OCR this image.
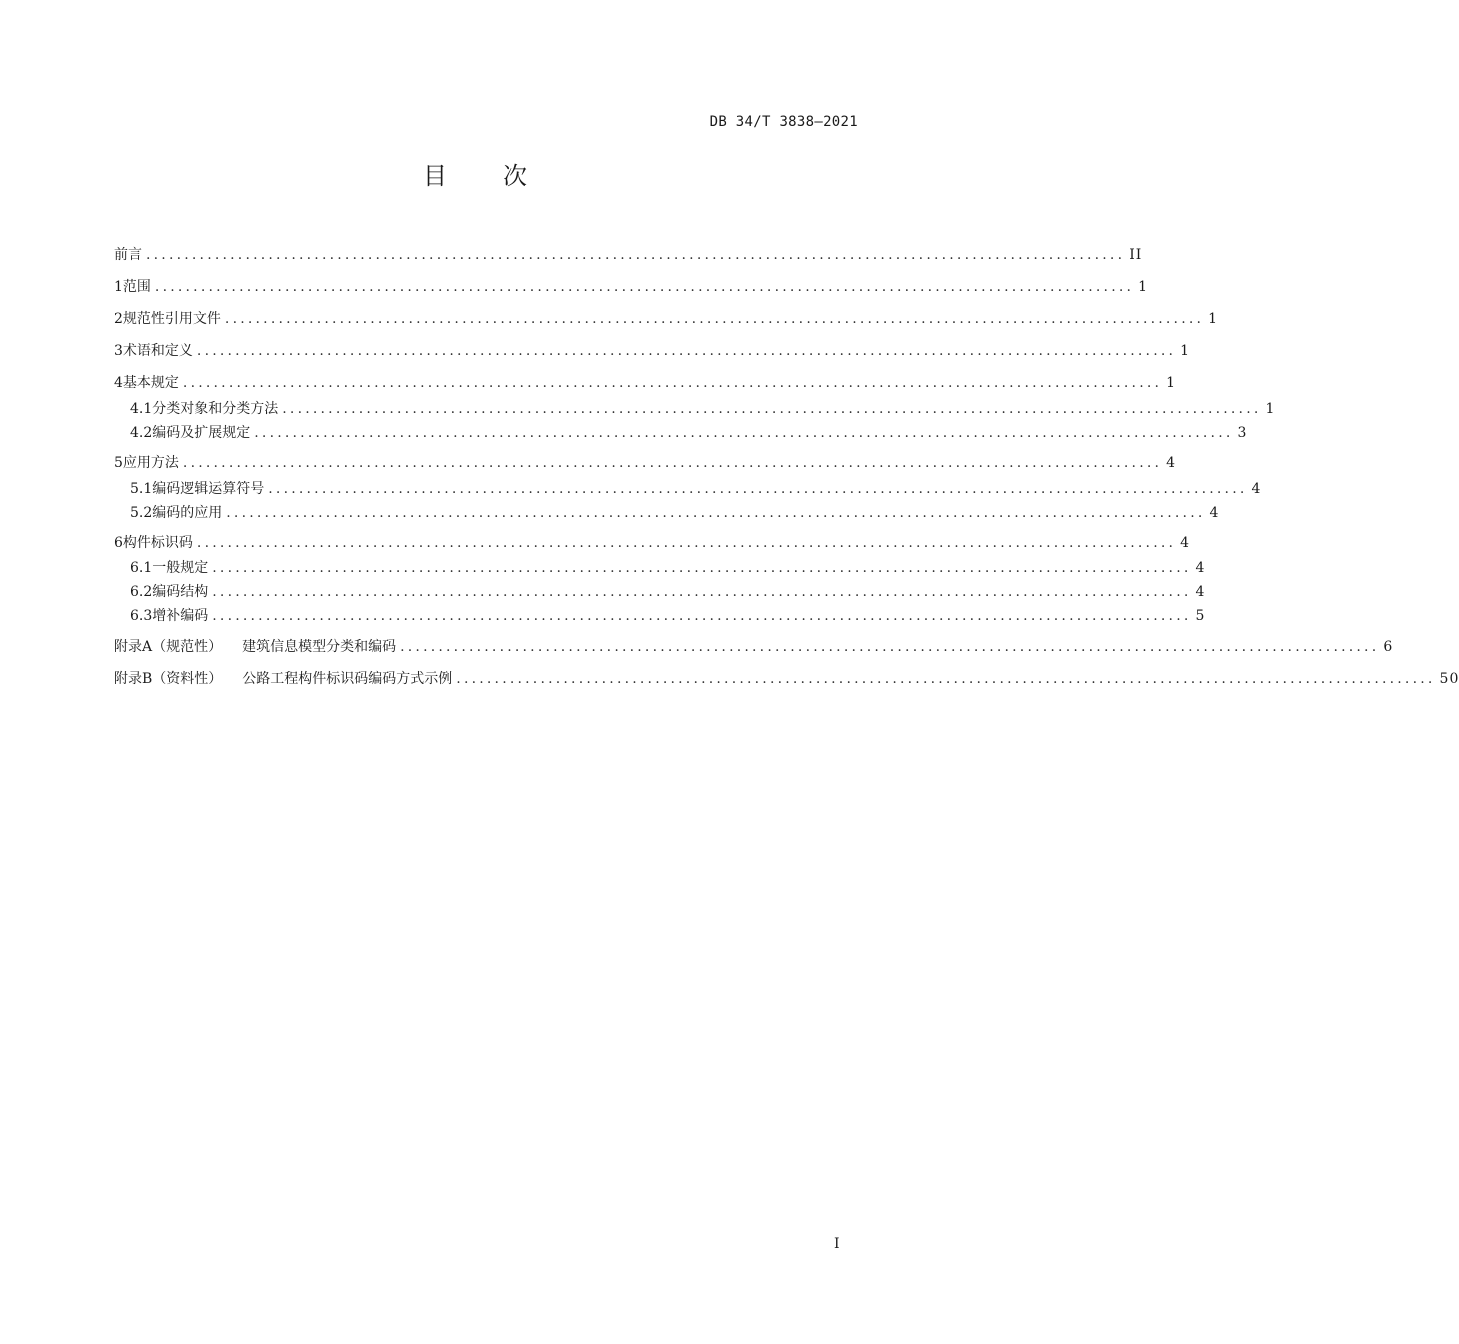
DB 34/T 3838—2021
目次
前言 ................................................................................................................................ II
1 范围 ................................................................................................................................ 1
2 规范性引用文件 ................................................................................................................................ 1
3 术语和定义 ................................................................................................................................ 1
4 基本规定 ................................................................................................................................ 1
4.1 分类对象和分类方法 ................................................................................................................................ 1
4.2 编码及扩展规定 ................................................................................................................................ 3
5 应用方法 ................................................................................................................................ 4
5.1 编码逻辑运算符号 ................................................................................................................................ 4
5.2 编码的应用 ................................................................................................................................ 4
6 构件标识码 ................................................................................................................................ 4
6.1 一般规定 ................................................................................................................................ 4
6.2 编码结构 ................................................................................................................................ 4
6.3 增补编码 ................................................................................................................................ 5
附录A（规范性） 建筑信息模型分类和编码 ................................................................................................................................ 6
附录B（资料性） 公路工程构件标识码编码方式示例 ................................................................................................................................ 50
I
